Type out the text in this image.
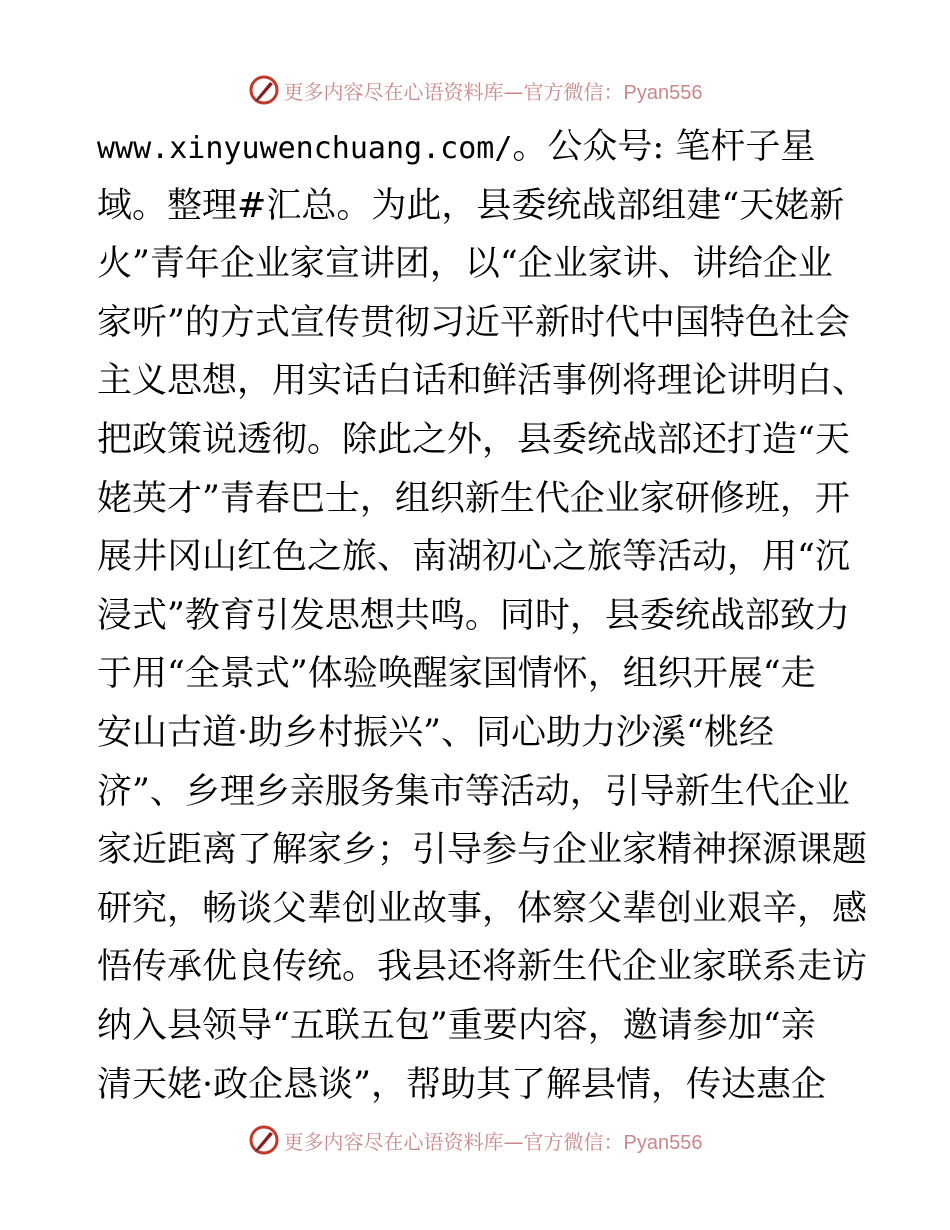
更多内容尽在心语资料库—官方微信：Pyan556
www.xinyuwenchuang.com/。公众号: 笔杆子星
域。整理#汇总。为此，县委统战部组建“天姥新
火”青年企业家宣讲团，以“企业家讲、讲给企业
家听”的方式宣传贯彻习近平新时代中国特色社会
主义思想，用实话白话和鲜活事例将理论讲明白、
把政策说透彻。除此之外，县委统战部还打造“天
姥英才”青春巴士，组织新生代企业家研修班，开
展井冈山红色之旅、南湖初心之旅等活动，用“沉
浸式”教育引发思想共鸣。同时，县委统战部致力
于用“全景式”体验唤醒家国情怀，组织开展“走
安山古道·助乡村振兴”、同心助力沙溪“桃经
济”、乡理乡亲服务集市等活动，引导新生代企业
家近距离了解家乡；引导参与企业家精神探源课题
研究，畅谈父辈创业故事，体察父辈创业艰辛，感
悟传承优良传统。我县还将新生代企业家联系走访
纳入县领导“五联五包”重要内容，邀请参加“亲
清天姥·政企恳谈”，帮助其了解县情，传达惠企
更多内容尽在心语资料库—官方微信：Pyan556
